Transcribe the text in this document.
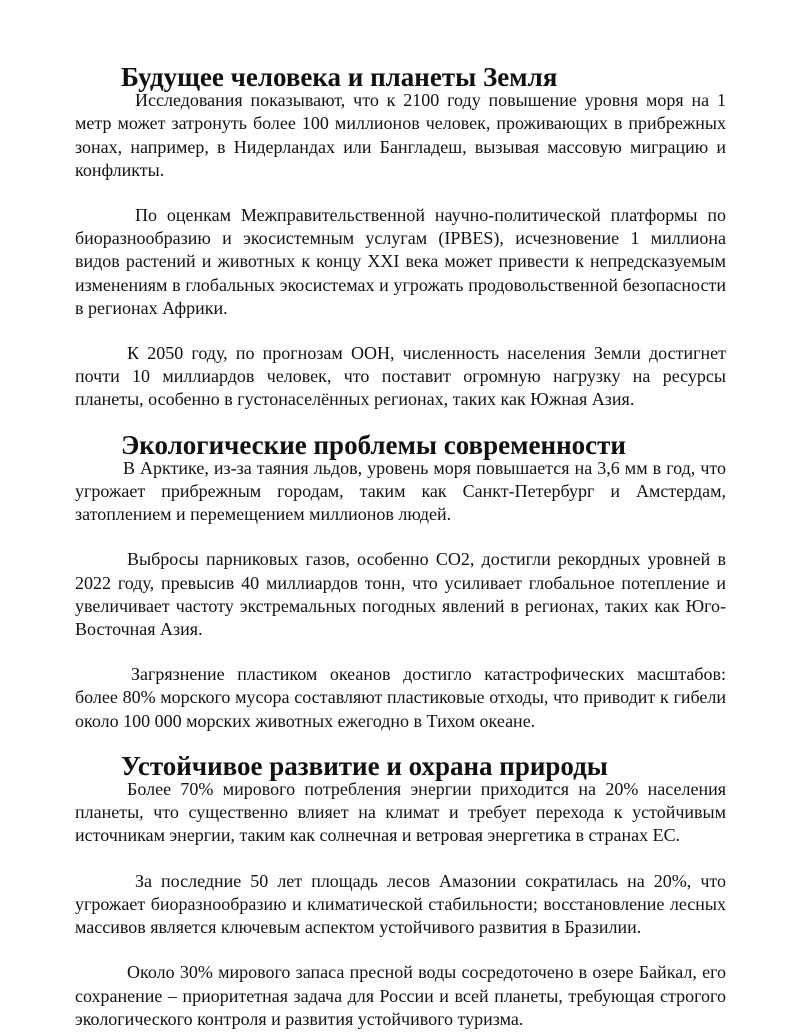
Будущее человека и планеты Земля

Исследования показывают, что к 2100 году повышение уровня моря на 1 метр может затронуть более 100 миллионов человек, проживающих в прибрежных зонах, например, в Нидерландах или Бангладеш, вызывая массовую миграцию и конфликты.

По оценкам Межправительственной научно-политической платформы по биоразнообразию и экосистемным услугам (IPBES), исчезновение 1 миллиона видов растений и животных к концу XXI века может привести к непредсказуемым изменениям в глобальных экосистемах и угрожать продовольственной безопасности в регионах Африки.

К 2050 году, по прогнозам ООН, численность населения Земли достигнет почти 10 миллиардов человек, что поставит огромную нагрузку на ресурсы планеты, особенно в густонаселённых регионах, таких как Южная Азия.

Экологические проблемы современности

В Арктике, из-за таяния льдов, уровень моря повышается на 3,6 мм в год, что угрожает прибрежным городам, таким как Санкт-Петербург и Амстердам, затоплением и перемещением миллионов людей.

Выбросы парниковых газов, особенно CO2, достигли рекордных уровней в 2022 году, превысив 40 миллиардов тонн, что усиливает глобальное потепление и увеличивает частоту экстремальных погодных явлений в регионах, таких как Юго-Восточная Азия.

Загрязнение пластиком океанов достигло катастрофических масштабов: более 80% морского мусора составляют пластиковые отходы, что приводит к гибели около 100 000 морских животных ежегодно в Тихом океане.

Устойчивое развитие и охрана природы

Более 70% мирового потребления энергии приходится на 20% населения планеты, что существенно влияет на климат и требует перехода к устойчивым источникам энергии, таким как солнечная и ветровая энергетика в странах ЕС.

За последние 50 лет площадь лесов Амазонии сократилась на 20%, что угрожает биоразнообразию и климатической стабильности; восстановление лесных массивов является ключевым аспектом устойчивого развития в Бразилии.

Около 30% мирового запаса пресной воды сосредоточено в озере Байкал, его сохранение – приоритетная задача для России и всей планеты, требующая строгого экологического контроля и развития устойчивого туризма.
